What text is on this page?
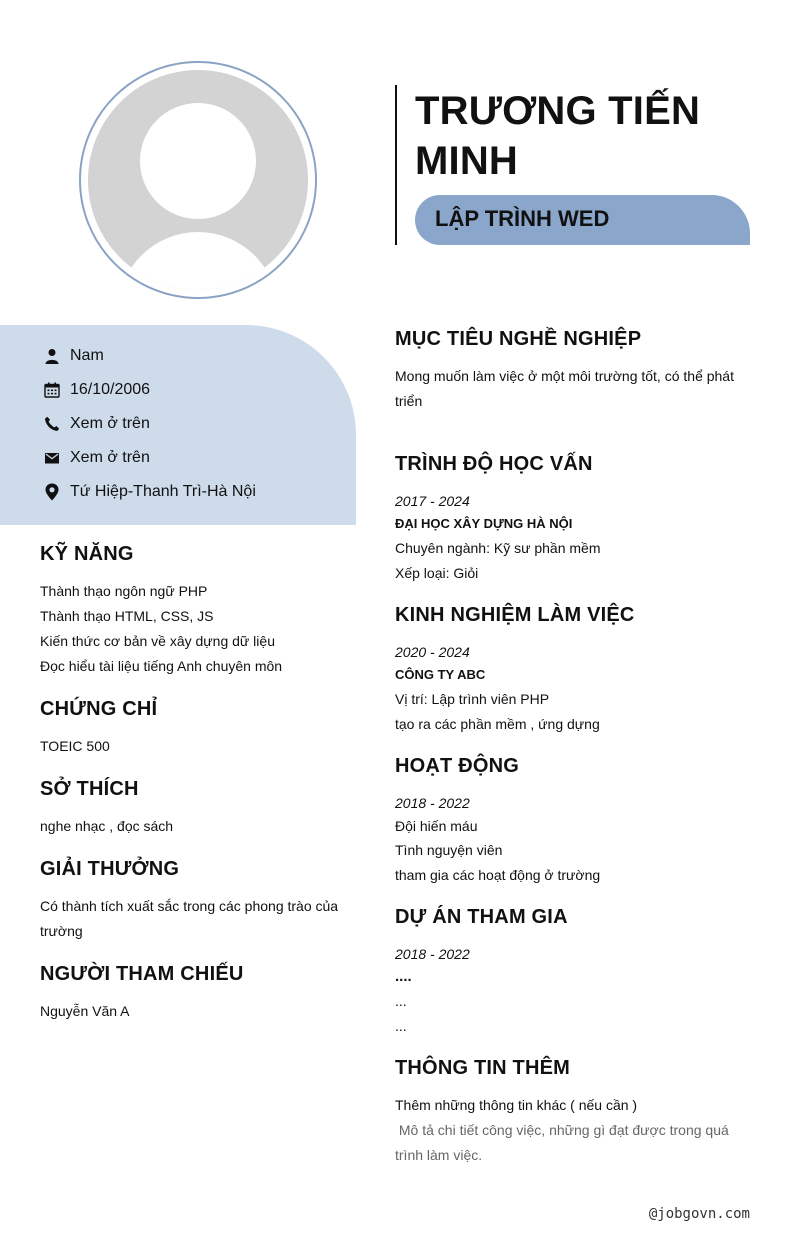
TRƯƠNG TIẾN MINH
LẬP TRÌNH WED
Nam
16/10/2006
Xem ở trên
Xem ở trên
Tứ Hiệp-Thanh Trì-Hà Nội
KỸ NĂNG
Thành thạo ngôn ngữ PHP
Thành thạo HTML, CSS, JS
Kiến thức cơ bản về xây dựng dữ liệu
Đọc hiểu tài liệu tiếng Anh chuyên môn
CHỨNG CHỈ
TOEIC 500
SỞ THÍCH
nghe nhạc , đọc sách
GIẢI THƯỞNG
Có thành tích xuất sắc trong các phong trào của
trường
NGƯỜI THAM CHIẾU
Nguyễn Văn A
MỤC TIÊU NGHỀ NGHIỆP
Mong muốn làm việc ở một môi trường tốt, có thể phát
triển
TRÌNH ĐỘ HỌC VẤN
2017 - 2024
ĐẠI HỌC XÂY DỰNG HÀ NỘI
Chuyên ngành: Kỹ sư phần mềm
Xếp loại: Giỏi
KINH NGHIỆM LÀM VIỆC
2020 - 2024
CÔNG TY ABC
Vị trí: Lập trình viên PHP
tạo ra các phần mềm , ứng dựng
HOẠT ĐỘNG
2018 - 2022
Đội hiến máu
Tình nguyện viên
tham gia các hoạt động ở trường
DỰ ÁN THAM GIA
2018 - 2022
....
...
...
THÔNG TIN THÊM
Thêm những thông tin khác ( nếu cần )
Mô tả chi tiết công việc, những gì đạt được trong quá
trình làm việc.
@jobgovn.com
